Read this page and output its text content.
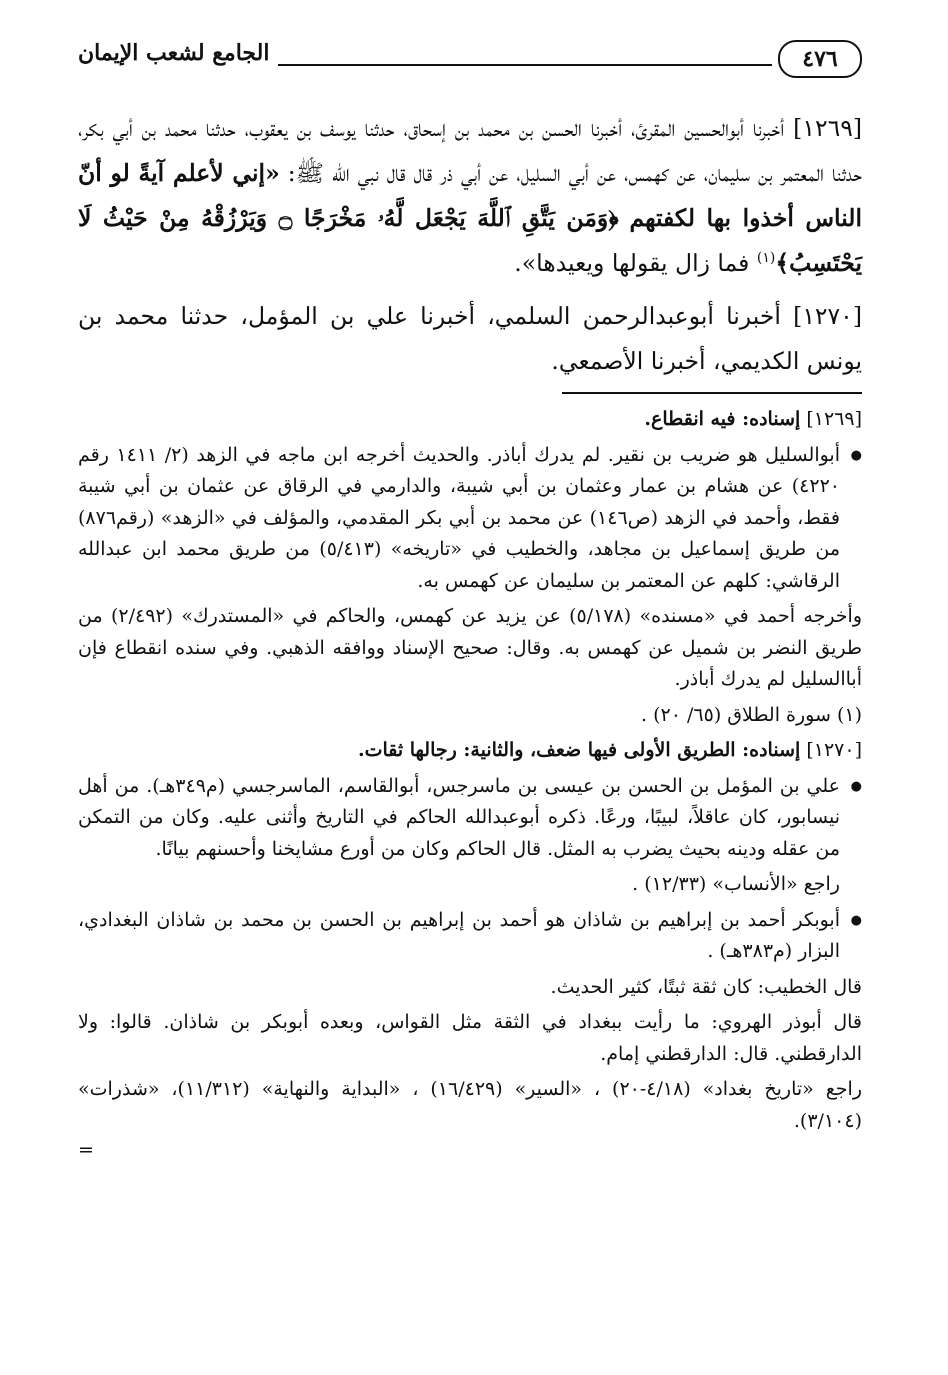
٤٧٦
الجامع لشعب الإيمان

[١٢٦٩] أخبرنا أبوالحسين المقرئ، أخبرنا الحسن بن محمد بن إسحاق، حدثنا يوسف بن يعقوب، حدثنا محمد بن أبي بكر، حدثنا المعتمر بن سليمان، عن كهمس، عن أبي السليل، عن أبي ذر قال قال نبي الله ﷺ: «إني لأعلم آيةً لو أنّ الناس أخذوا بها لكفتهم ﴿وَمَن يَتَّقِ ٱللَّهَ يَجْعَل لَّهُۥ مَخْرَجًا ۝ وَيَرْزُقْهُ مِنْ حَيْثُ لَا يَحْتَسِبُ﴾$^{(١)}$ فما زال يقولها ويعيدها».

[١٢٧٠] أخبرنا أبوعبدالرحمن السلمي، أخبرنا علي بن المؤمل، حدثنا محمد بن يونس الكديمي، أخبرنا الأصمعي.

[١٢٦٩] إسناده: فيه انقطاع.

● أبوالسليل هو ضريب بن نقير. لم يدرك أباذر. والحديث أخرجه ابن ماجه في الزهد (٢/ ١٤١١ رقم ٤٢٢٠) عن هشام بن عمار وعثمان بن أبي شيبة، والدارمي في الرقاق عن عثمان بن أبي شيبة فقط، وأحمد في الزهد (ص١٤٦) عن محمد بن أبي بكر المقدمي، والمؤلف في «الزهد» (رقم٨٧٦) من طريق إسماعيل بن مجاهد، والخطيب في «تاريخه» (٥/٤١٣) من طريق محمد ابن عبدالله الرقاشي: كلهم عن المعتمر بن سليمان عن كهمس به.

وأخرجه أحمد في «مسنده» (٥/١٧٨) عن يزيد عن كهمس، والحاكم في «المستدرك» (٢/٤٩٢) من طريق النضر بن شميل عن كهمس به. وقال: صحيح الإسناد ووافقه الذهبي. وفي سنده انقطاع فإن أباالسليل لم يدرك أباذر.

(١) سورة الطلاق (٦٥/ ٢٠) .

[١٢٧٠] إسناده: الطريق الأولى فيها ضعف، والثانية: رجالها ثقات.

● علي بن المؤمل بن الحسن بن عيسى بن ماسرجس، أبوالقاسم، الماسرجسي (م٣٤٩هـ). من أهل نيسابور، كان عاقلاً، لبيبًا، ورعًا. ذكره أبوعبدالله الحاكم في التاريخ وأثنى عليه. وكان من التمكن من عقله ودينه بحيث يضرب به المثل. قال الحاكم وكان من أورع مشايخنا وأحسنهم بيانًا.

راجع «الأنساب» (١٢/٣٣) .

● أبوبكر أحمد بن إبراهيم بن شاذان هو أحمد بن إبراهيم بن الحسن بن محمد بن شاذان البغدادي، البزار (م٣٨٣هـ) .

قال الخطيب: كان ثقة ثبتًا، كثير الحديث.

قال أبوذر الهروي: ما رأيت ببغداد في الثقة مثل القواس، وبعده أبوبكر بن شاذان. قالوا: ولا الدارقطني. قال: الدارقطني إمام.

راجع «تاريخ بغداد» (٤/١٨-٢٠) ، «السير» (١٦/٤٢٩) ، «البداية والنهاية» (١١/٣١٢)، «شذرات» (٣/١٠٤).

=
